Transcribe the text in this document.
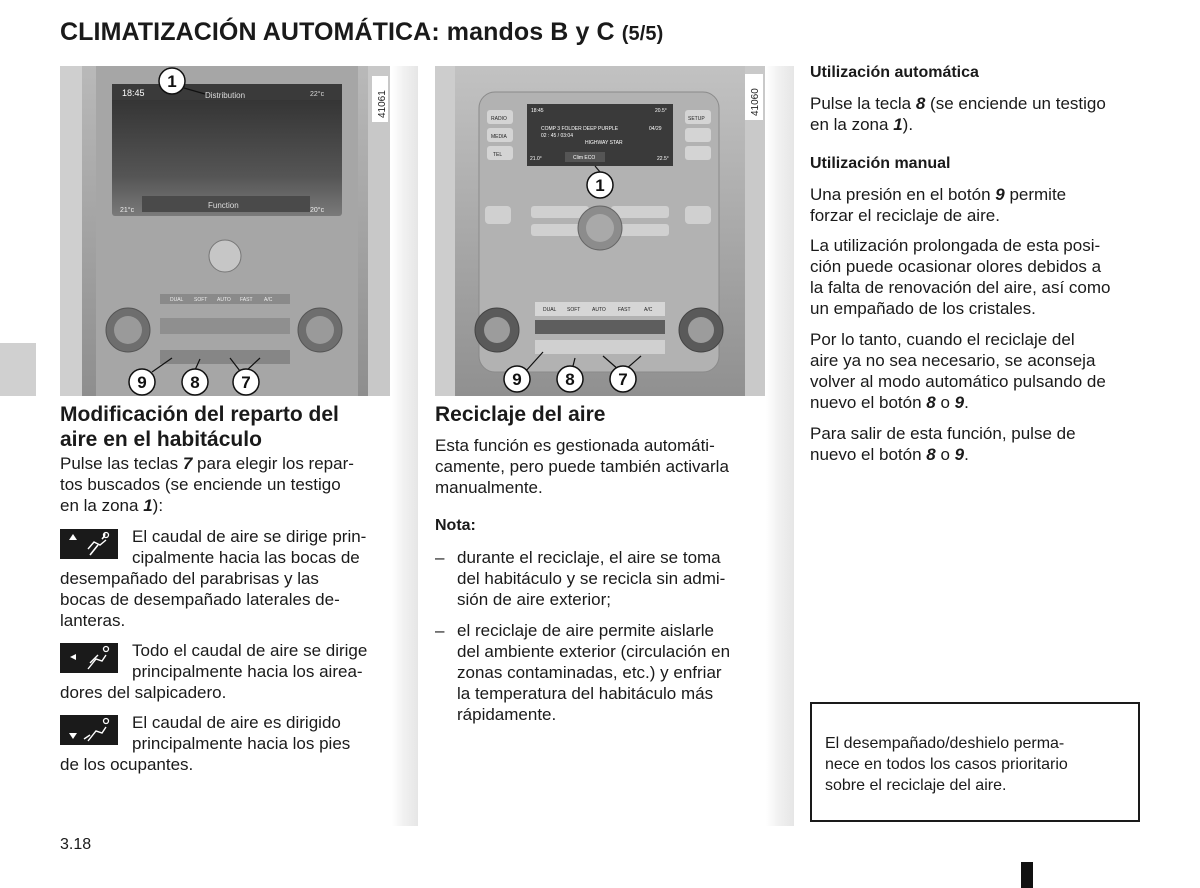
CLIMATIZACIÓN AUTOMÁTICA: mandos B y C (5/5)
18:45	Distribution	22°c
Function
21°c	20°c
DUAL SOFT AUTO FAST A/C
41061
1
9	8 7
18:45	20.5°
COMP 3 FOLDER DEEP PURPLE	04/29
02 : 45 / 03:04
HIGHWAY STAR
Clim ECO
21.0°	22.5°
RADIO
MEDIA
TEL
SETUP
DUAL SOFT AUTO FAST	A/C
41060
1
9	8	7
Modificación del reparto del
aire en el habitáculo
Pulse las teclas 7 para elegir los repar-
tos buscados (se enciende un testigo
en la zona 1):
El caudal de aire se dirige prin-
cipalmente hacia las bocas de
desempañado del parabrisas y las
bocas de desempañado laterales de-
lanteras.
Todo el caudal de aire se dirige
principalmente hacia los airea-
dores del salpicadero.
El caudal de aire es dirigido
principalmente hacia los pies
de los ocupantes.
Reciclaje del aire
Esta función es gestionada automáti-
camente, pero puede también activarla
manualmente.
Nota:
– durante el reciclaje, el aire se toma
del habitáculo y se recicla sin admi-
sión de aire exterior;
– el reciclaje de aire permite aislarle
del ambiente exterior (circulación en
zonas contaminadas, etc.) y enfriar
la temperatura del habitáculo más
rápidamente.
Utilización automática
Pulse la tecla 8 (se enciende un testigo
en la zona 1).
Utilización manual
Una presión en el botón 9 permite
forzar el reciclaje de aire.
La utilización prolongada de esta posi-
ción puede ocasionar olores debidos a
la falta de renovación del aire, así como
un empañado de los cristales.
Por lo tanto, cuando el reciclaje del
aire ya no sea necesario, se aconseja
volver al modo automático pulsando de
nuevo el botón 8 o 9.
Para salir de esta función, pulse de
nuevo el botón 8 o 9.
El desempañado/deshielo perma-
nece en todos los casos prioritario
sobre el reciclaje del aire.
3.18
